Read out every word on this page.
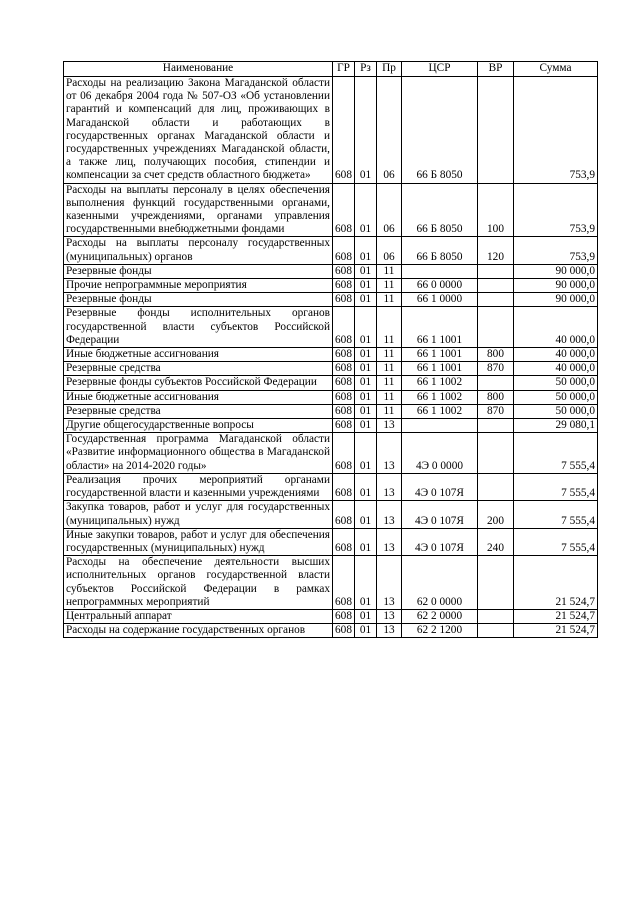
Наименование	ГР	Рз	Пр	ЦСР	ВР	Сумма
Расходы на реализацию Закона Магаданской области от 06 декабря 2004 года № 507-ОЗ «Об установлении гарантий и компенсаций для лиц, проживающих в Магаданской области и работающих в государственных органах Магаданской области и государственных учреждениях Магаданской области, а также лиц, получающих пособия, стипендии и компенсации за счет средств областного бюджета»	608	01	06	66 Б 8050		753,9
Расходы на выплаты персоналу в целях обеспечения выполнения функций государственными органами, казенными учреждениями, органами управления государственными внебюджетными фондами	608	01	06	66 Б 8050	100	753,9
Расходы на выплаты персоналу государственных (муниципальных) органов	608	01	06	66 Б 8050	120	753,9
Резервные фонды	608	01	11			90 000,0
Прочие непрограммные мероприятия	608	01	11	66 0 0000		90 000,0
Резервные фонды	608	01	11	66 1 0000		90 000,0
Резервные фонды исполнительных органов государственной власти субъектов Российской Федерации	608	01	11	66 1 1001		40 000,0
Иные бюджетные ассигнования	608	01	11	66 1 1001	800	40 000,0
Резервные средства	608	01	11	66 1 1001	870	40 000,0
Резервные фонды субъектов Российской Федерации	608	01	11	66 1 1002		50 000,0
Иные бюджетные ассигнования	608	01	11	66 1 1002	800	50 000,0
Резервные средства	608	01	11	66 1 1002	870	50 000,0
Другие общегосударственные вопросы	608	01	13			29 080,1
Государственная программа Магаданской области «Развитие информационного общества в Магаданской области» на 2014-2020 годы»	608	01	13	4Э 0 0000		7 555,4
Реализация прочих мероприятий органами государственной власти и казенными учреждениями	608	01	13	4Э 0 107Я		7 555,4
Закупка товаров, работ и услуг для государственных (муниципальных) нужд	608	01	13	4Э 0 107Я	200	7 555,4
Иные закупки товаров, работ и услуг для обеспечения государственных (муниципальных) нужд	608	01	13	4Э 0 107Я	240	7 555,4
Расходы на обеспечение деятельности высших исполнительных органов государственной власти субъектов Российской Федерации в рамках непрограммных мероприятий	608	01	13	62 0 0000		21 524,7
Центральный аппарат	608	01	13	62 2 0000		21 524,7
Расходы на содержание государственных органов	608	01	13	62 2 1200		21 524,7
